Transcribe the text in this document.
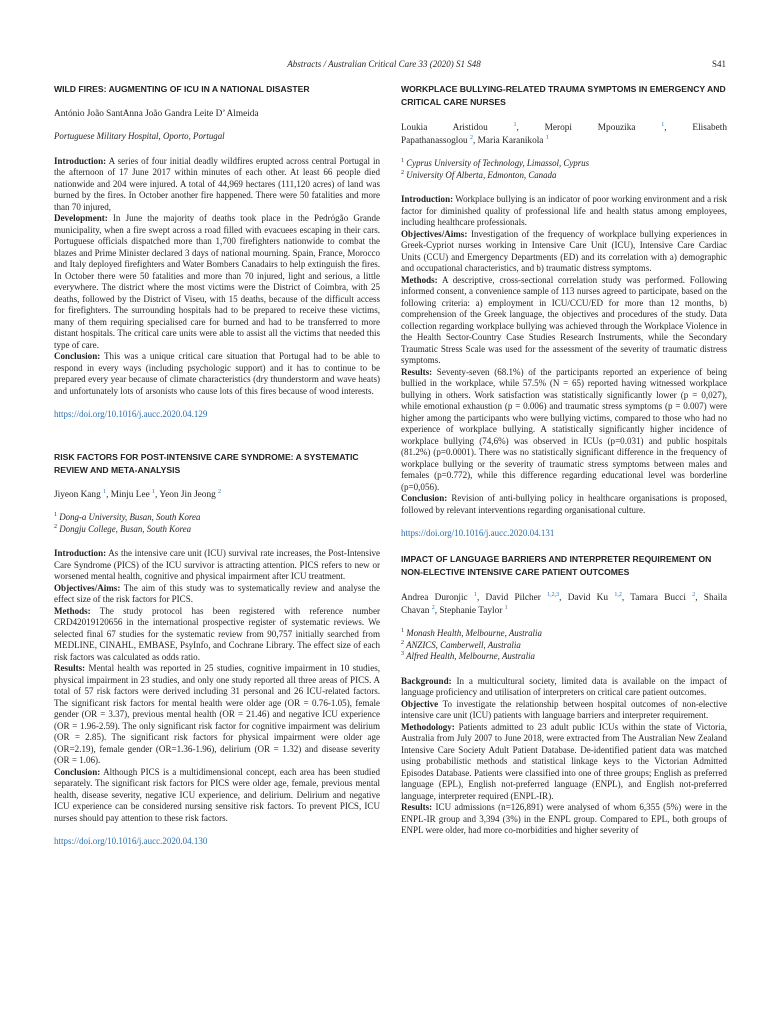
Abstracts / Australian Critical Care 33 (2020) S1 S48	S41
WILD FIRES: AUGMENTING OF ICU IN A NATIONAL DISASTER

António João SantAnna João Gandra Leite D’ Almeida

Portuguese Military Hospital, Oporto, Portugal

Introduction: A series of four initial deadly wildfires erupted across central Portugal in the afternoon of 17 June 2017 within minutes of each other. At least 66 people died nationwide and 204 were injured. A total of 44,969 hectares (111,120 acres) of land was burned by the fires. In October another fire happened. There were 50 fatalities and more than 70 injured,

Development: In June the majority of deaths took place in the Pedrógão Grande municipality, when a fire swept across a road filled with evacuees escaping in their cars. Portuguese officials dispatched more than 1,700 firefighters nationwide to combat the blazes and Prime Minister declared 3 days of national mourning. Spain, France, Morocco and Italy deployed firefighters and Water Bombers Canadairs to help extinguish the fires. In October there were 50 fatalities and more than 70 injured, light and serious, a little everywhere. The district where the most victims were the District of Coimbra, with 25 deaths, followed by the District of Viseu, with 15 deaths, because of the difficult access for firefighters. The surrounding hospitals had to be prepared to receive these victims, many of them requiring specialised care for burned and had to be transferred to more distant hospitals. The critical care units were able to assist all the victims that needed this type of care.

Conclusion: This was a unique critical care situation that Portugal had to be able to respond in every ways (including psychologic support) and it has to continue to be prepared every year because of climate characteristics (dry thunderstorm and wave heats) and unfortunately lots of arsonists who cause lots of this fires because of wood interests.

https://doi.org/10.1016/j.aucc.2020.04.129

RISK FACTORS FOR POST-INTENSIVE CARE SYNDROME: A SYSTEMATIC REVIEW AND META-ANALYSIS

Jiyeon Kang $^1$, Minju Lee $^1$, Yeon Jin Jeong $^2$

$^1$ Dong-a University, Busan, South Korea

$^2$ Dongju College, Busan, South Korea

Introduction: As the intensive care unit (ICU) survival rate increases, the Post-Intensive Care Syndrome (PICS) of the ICU survivor is attracting attention. PICS refers to new or worsened mental health, cognitive and physical impairment after ICU treatment.

Objectives/Aims: The aim of this study was to systematically review and analyse the effect size of the risk factors for PICS.

Methods: The study protocol has been registered with reference number CRD42019120656 in the international prospective register of systematic reviews. We selected final 67 studies for the systematic review from 90,757 initially searched from MEDLINE, CINAHL, EMBASE, PsyInfo, and Cochrane Library. The effect size of each risk factors was calculated as odds ratio.

Results: Mental health was reported in 25 studies, cognitive impairment in 10 studies, physical impairment in 23 studies, and only one study reported all three areas of PICS. A total of 57 risk factors were derived including 31 personal and 26 ICU-related factors. The significant risk factors for mental health were older age (OR = 0.76-1.05), female gender (OR = 3.37), previous mental health (OR = 21.46) and negative ICU experience (OR = 1.96-2.59). The only significant risk factor for cognitive impairment was delirium (OR = 2.85). The significant risk factors for physical impairment were older age (OR=2.19), female gender (OR=1.36-1.96), delirium (OR = 1.32) and disease severity (OR = 1.06).

Conclusion: Although PICS is a multidimensional concept, each area has been studied separately. The significant risk factors for PICS were older age, female, previous mental health, disease severity, negative ICU experience, and delirium. Delirium and negative ICU experience can be considered nursing sensitive risk factors. To prevent PICS, ICU nurses should pay attention to these risk factors.

https://doi.org/10.1016/j.aucc.2020.04.130

WORKPLACE BULLYING-RELATED TRAUMA SYMPTOMS IN EMERGENCY AND CRITICAL CARE NURSES
Loukia Aristidou	$^1$, Meropi Mpouzika	$^1$, Elisabeth
Papathanassoglou $^2$, Maria Karanikola $^1$

$^1$ Cyprus University of Technology, Limassol, Cyprus

$^2$ University Of Alberta, Edmonton, Canada

Introduction: Workplace bullying is an indicator of poor working environment and a risk factor for diminished quality of professional life and health status among employees, including healthcare professionals.

Objectives/Aims: Investigation of the frequency of workplace bullying experiences in Greek-Cypriot nurses working in Intensive Care Unit (ICU), Intensive Care Cardiac Units (CCU) and Emergency Departments (ED) and its correlation with a) demographic and occupational characteristics, and b) traumatic distress symptoms.

Methods: A descriptive, cross-sectional correlation study was performed. Following informed consent, a convenience sample of 113 nurses agreed to participate, based on the following criteria: a) employment in ICU/CCU/ED for more than 12 months, b) comprehension of the Greek language, the objectives and procedures of the study. Data collection regarding workplace bullying was achieved through the Workplace Violence in the Health Sector-Country Case Studies Research Instruments, while the Secondary Traumatic Stress Scale was used for the assessment of the severity of traumatic distress symptoms.

Results: Seventy-seven (68.1%) of the participants reported an experience of being bullied in the workplace, while 57.5% (N = 65) reported having witnessed workplace bullying in others. Work satisfaction was statistically significantly lower (p = 0,027), while emotional exhaustion (p = 0.006) and traumatic stress symptoms (p = 0.007) were higher among the participants who were bullying victims, compared to those who had no experience of workplace bullying. A statistically significantly higher incidence of workplace bullying (74,6%) was observed in ICUs (p=0.031) and public hospitals (81.2%) (p=0.0001). There was no statistically significant difference in the frequency of workplace bullying or the severity of traumatic stress symptoms between males and females (p=0.772), while this difference regarding educational level was borderline (p=0,056).

Conclusion: Revision of anti-bullying policy in healthcare organisations is proposed, followed by relevant interventions regarding organisational culture.

https://doi.org/10.1016/j.aucc.2020.04.131

IMPACT OF LANGUAGE BARRIERS AND INTERPRETER REQUIREMENT ON NON-ELECTIVE INTENSIVE CARE PATIENT OUTCOMES
Andrea Duronjic $^1$, David Pilcher $^{1,2,3}$, David Ku $^{1,2}$, Tamara Bucci $^2$, Shaila
Chavan $^2$, Stephanie Taylor $^1$

$^1$ Monash Health, Melbourne, Australia

$^2$ ANZICS, Camberwell, Australia

$^3$ Alfred Health, Melbourne, Australia

Background: In a multicultural society, limited data is available on the impact of language proficiency and utilisation of interpreters on critical care patient outcomes.

Objective To investigate the relationship between hospital outcomes of non-elective intensive care unit (ICU) patients with language barriers and interpreter requirement.

Methodology: Patients admitted to 23 adult public ICUs within the state of Victoria, Australia from July 2007 to June 2018, were extracted from The Australian New Zealand Intensive Care Society Adult Patient Database. De-identified patient data was matched using probabilistic methods and statistical linkage keys to the Victorian Admitted Episodes Database. Patients were classified into one of three groups; English as preferred language (EPL), English not-preferred language (ENPL), and English not-preferred language, interpreter required (ENPL-IR).

Results: ICU admissions (n=126,891) were analysed of whom 6,355 (5%) were in the ENPL-IR group and 3,394 (3%) in the ENPL group. Compared to EPL, both groups of ENPL were older, had more co-morbidities and higher severity of
